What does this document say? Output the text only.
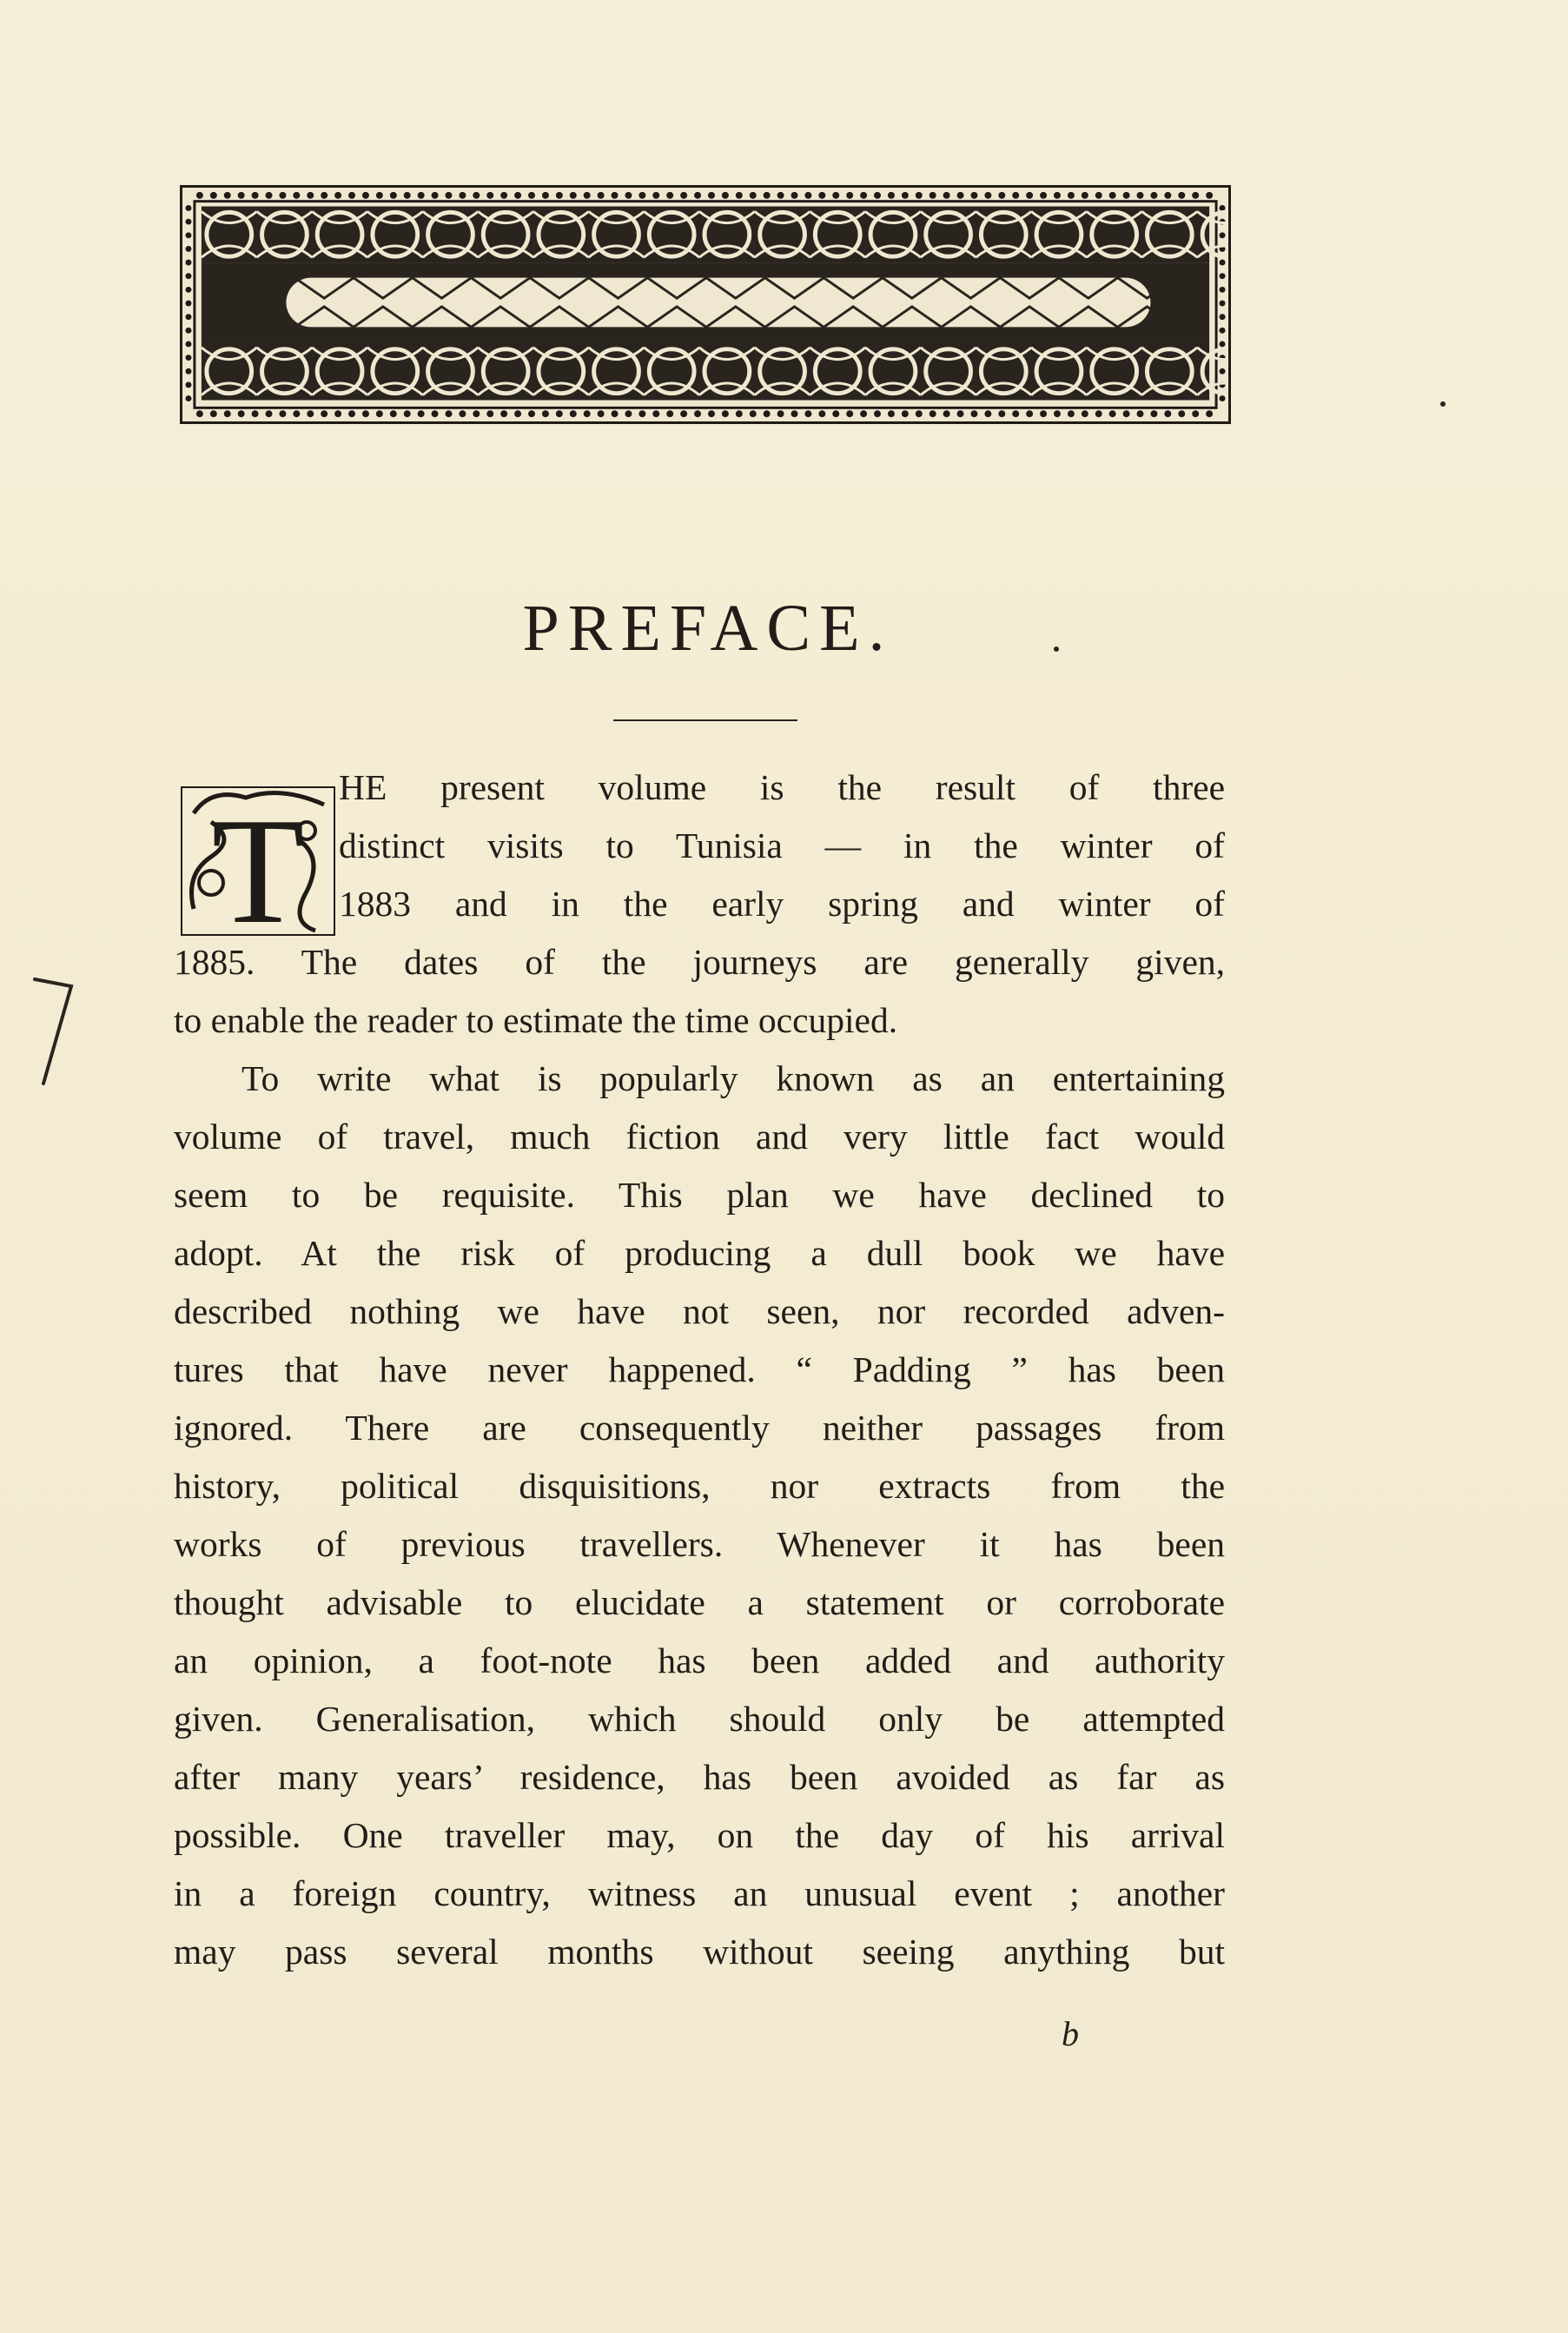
PREFACE.
T HE present volume is the result of three
distinct visits to Tunisia — in the winter of
1883 and in the early spring and winter of
1885. The dates of the journeys are generally given,
to enable the reader to estimate the time occupied.
To write what is popularly known as an entertaining
volume of travel, much fiction and very little fact would
seem to be requisite. This plan we have declined to
adopt. At the risk of producing a dull book we have
described nothing we have not seen, nor recorded adven-
tures that have never happened. “ Padding ” has been
ignored. There are consequently neither passages from
history, political disquisitions, nor extracts from the
works of previous travellers. Whenever it has been
thought advisable to elucidate a statement or corroborate
an opinion, a foot-note has been added and authority
given. Generalisation, which should only be attempted
after many years’ residence, has been avoided as far as
possible. One traveller may, on the day of his arrival
in a foreign country, witness an unusual event ; another
may pass several months without seeing anything but
b
